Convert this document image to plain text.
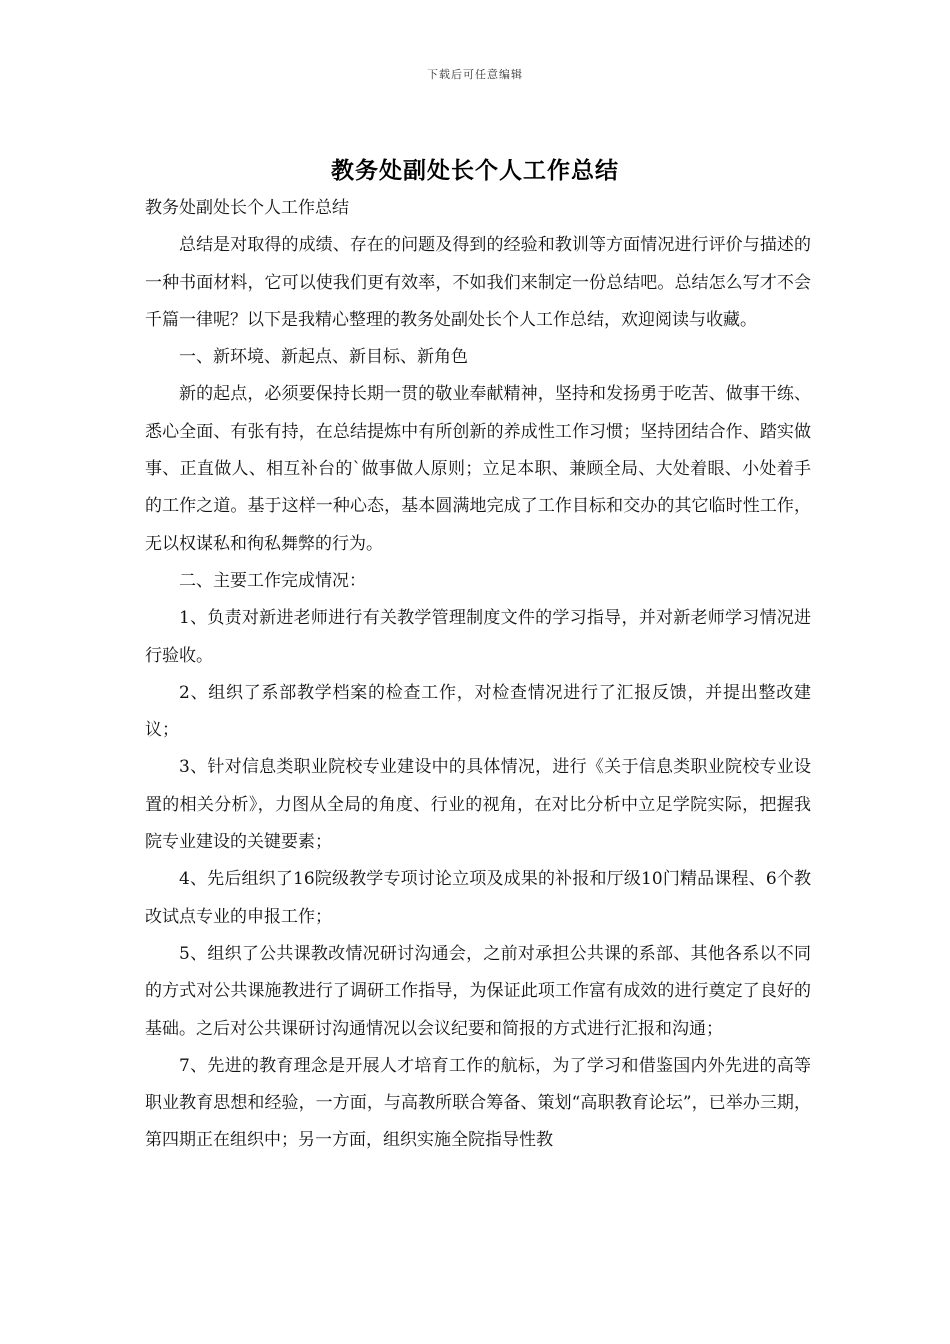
下载后可任意编辑
教务处副处长个人工作总结

教务处副处长个人工作总结

总结是对取得的成绩、存在的问题及得到的经验和教训等方面情况进行评价与描述的一种书面材料，它可以使我们更有效率，不如我们来制定一份总结吧。总结怎么写才不会千篇一律呢？以下是我精心整理的教务处副处长个人工作总结，欢迎阅读与收藏。

一、新环境、新起点、新目标、新角色

新的起点，必须要保持长期一贯的敬业奉献精神，坚持和发扬勇于吃苦、做事干练、悉心全面、有张有持，在总结提炼中有所创新的养成性工作习惯；坚持团结合作、踏实做事、正直做人、相互补台的`做事做人原则；立足本职、兼顾全局、大处着眼、小处着手的工作之道。基于这样一种心态，基本圆满地完成了工作目标和交办的其它临时性工作，无以权谋私和徇私舞弊的行为。

二、主要工作完成情况：

1、负责对新进老师进行有关教学管理制度文件的学习指导，并对新老师学习情况进行验收。

2、组织了系部教学档案的检查工作，对检查情况进行了汇报反馈，并提出整改建议；

3、针对信息类职业院校专业建设中的具体情况，进行《关于信息类职业院校专业设置的相关分析》，力图从全局的角度、行业的视角，在对比分析中立足学院实际，把握我院专业建设的关键要素；

4、先后组织了16院级教学专项讨论立项及成果的补报和厅级10门精品课程、6个教改试点专业的申报工作；

5、组织了公共课教改情况研讨沟通会，之前对承担公共课的系部、其他各系以不同的方式对公共课施教进行了调研工作指导，为保证此项工作富有成效的进行奠定了良好的基础。之后对公共课研讨沟通情况以会议纪要和简报的方式进行汇报和沟通；

7、先进的教育理念是开展人才培育工作的航标，为了学习和借鉴国内外先进的高等职业教育思想和经验，一方面，与高教所联合筹备、策划“高职教育论坛”，已举办三期，第四期正在组织中；另一方面，组织实施全院指导性教
